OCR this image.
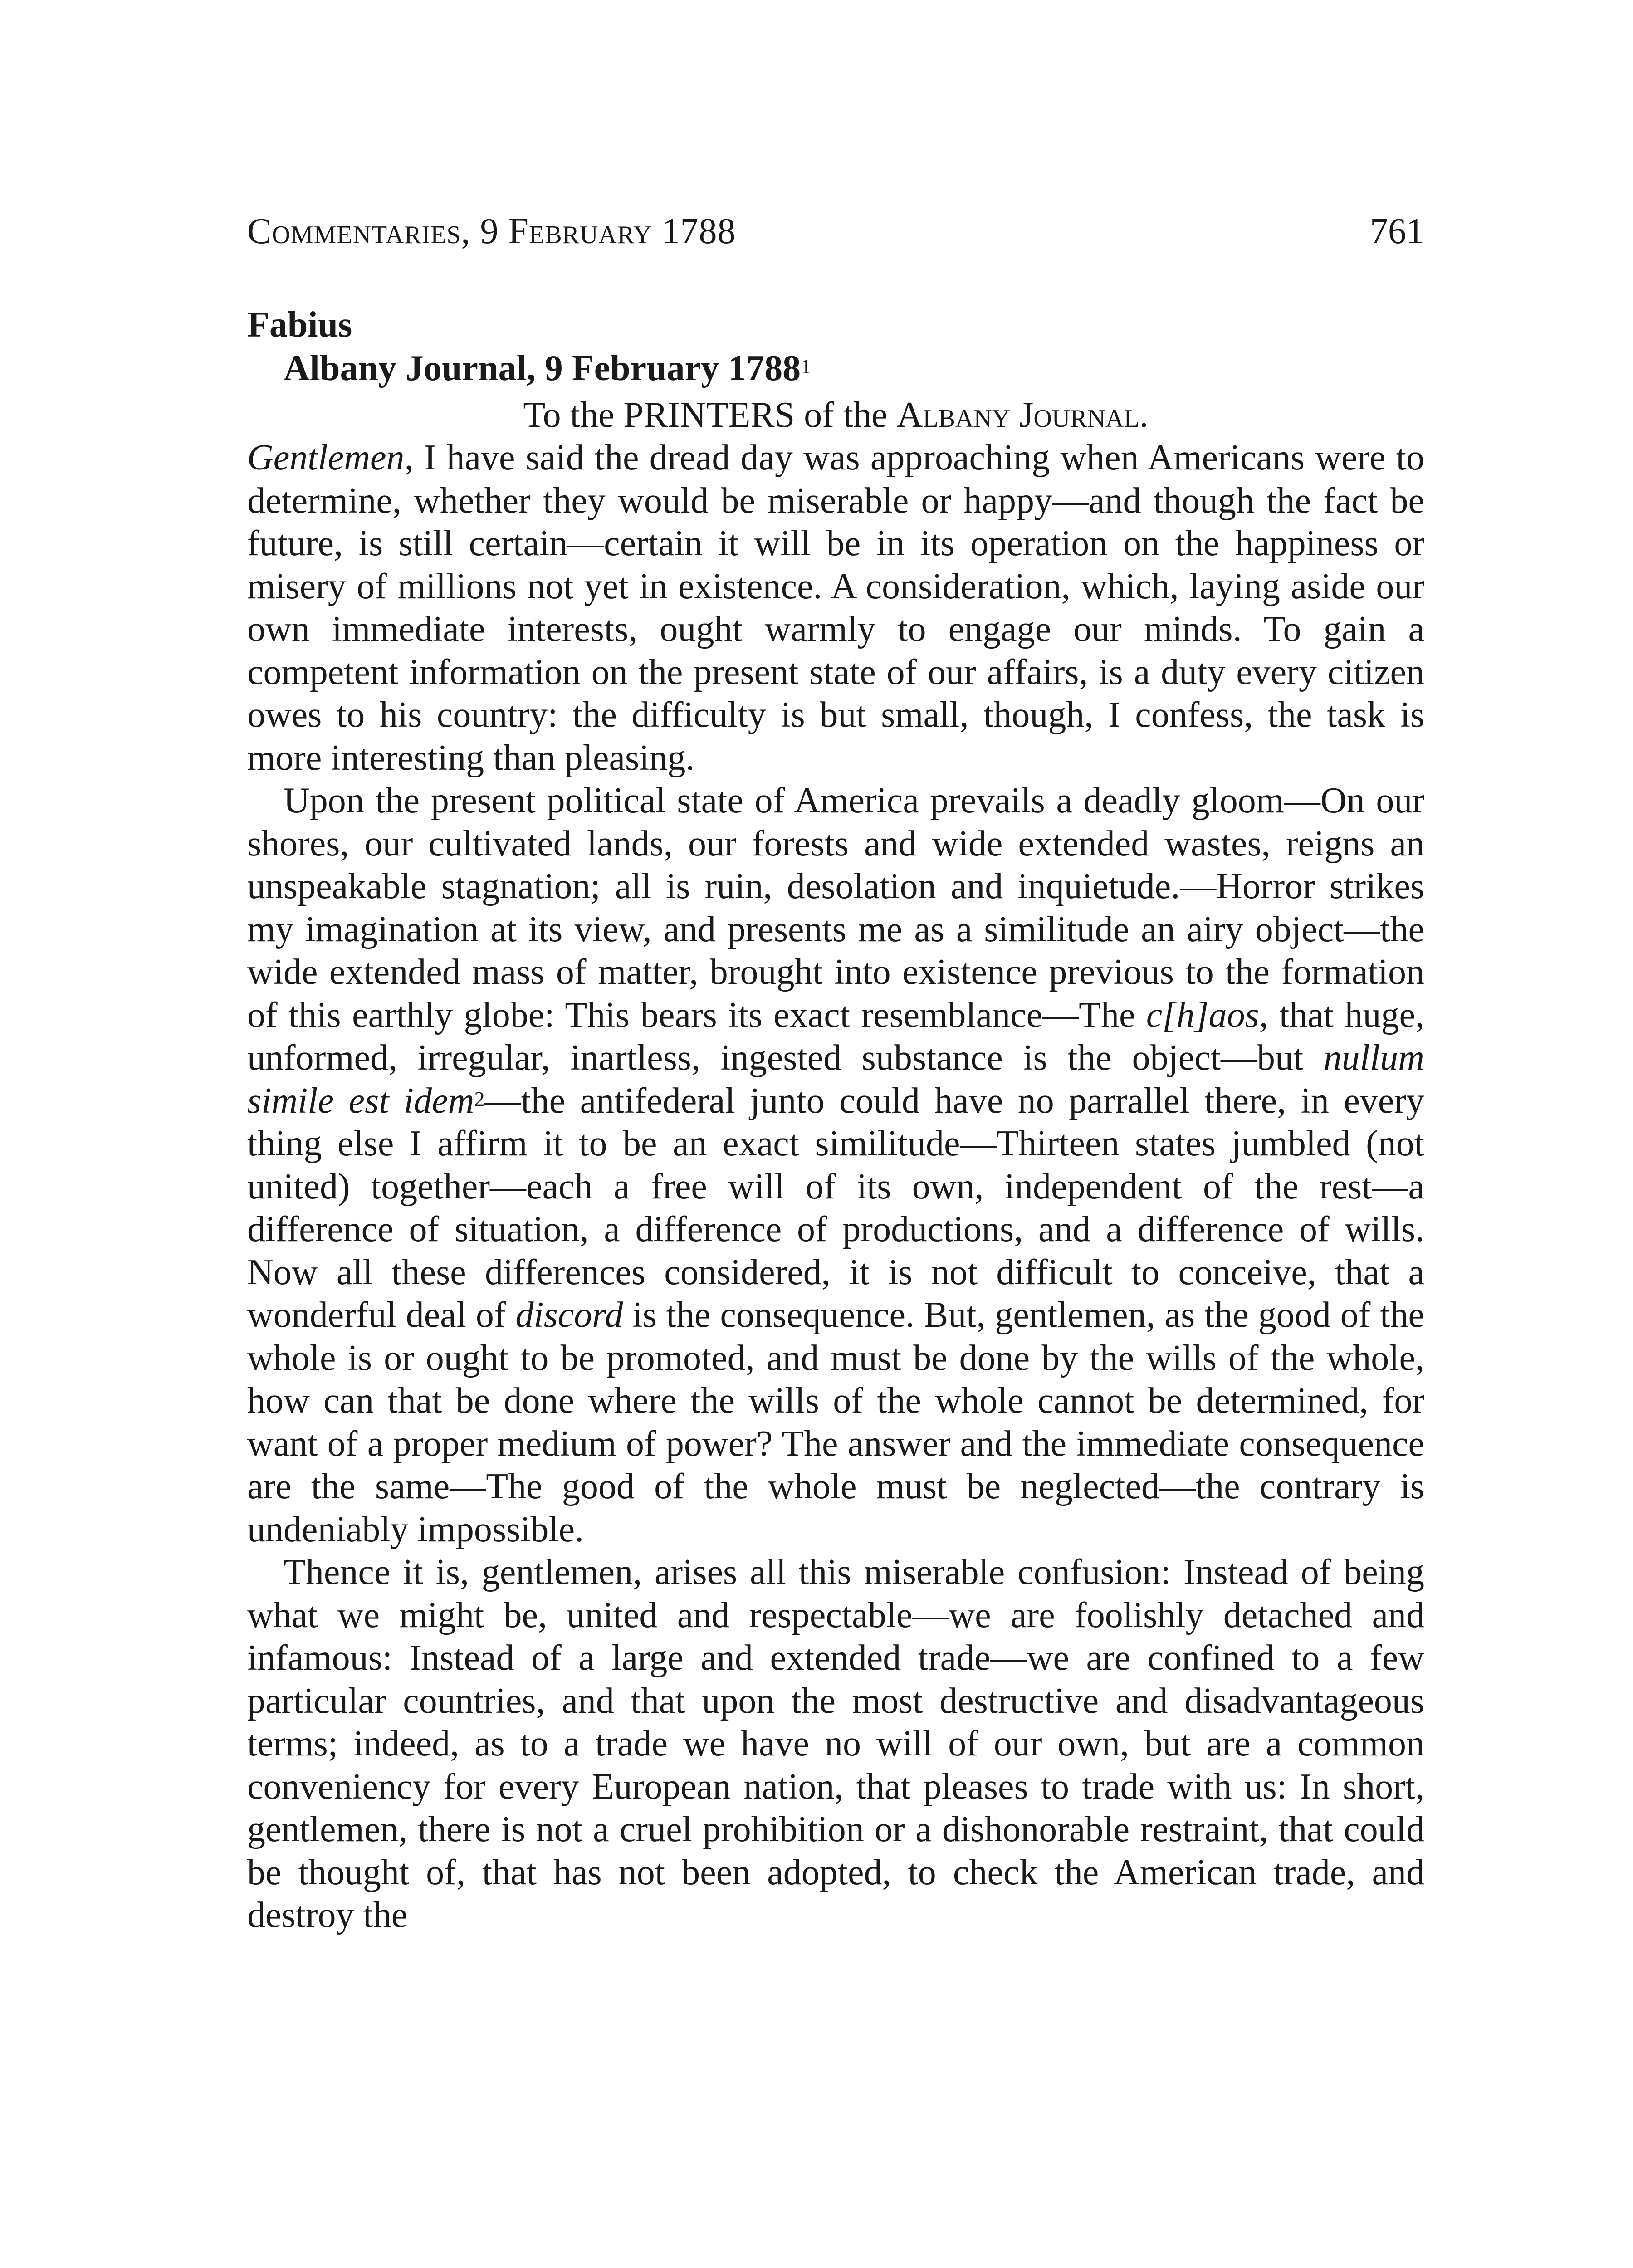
Commentaries, 9 February 1788	761
Fabius
Albany Journal, 9 February 1788$^1$
To the PRINTERS of the Albany Journal.

Gentlemen, I have said the dread day was approaching when Americans were to determine, whether they would be miserable or happy—and though the fact be future, is still certain—certain it will be in its operation on the happiness or misery of millions not yet in existence. A consideration, which, laying aside our own immediate interests, ought warmly to engage our minds. To gain a competent information on the present state of our affairs, is a duty every citizen owes to his country: the difficulty is but small, though, I confess, the task is more interesting than pleasing.

Upon the present political state of America prevails a deadly gloom—On our shores, our cultivated lands, our forests and wide extended wastes, reigns an unspeakable stagnation; all is ruin, desolation and inquietude.—Horror strikes my imagination at its view, and presents me as a similitude an airy object—the wide extended mass of matter, brought into existence previous to the formation of this earthly globe: This bears its exact resemblance—The c[h]aos, that huge, unformed, irregular, inartless, ingested substance is the object—but nullum simile est idem$^2$—the antifederal junto could have no parrallel there, in every thing else I affirm it to be an exact similitude—Thirteen states jumbled (not united) together—each a free will of its own, independent of the rest—a difference of situation, a difference of productions, and a difference of wills. Now all these differences considered, it is not difficult to conceive, that a wonderful deal of discord is the consequence. But, gentlemen, as the good of the whole is or ought to be promoted, and must be done by the wills of the whole, how can that be done where the wills of the whole cannot be determined, for want of a proper medium of power? The answer and the immediate consequence are the same—The good of the whole must be neglected—the contrary is undeniably impossible.

Thence it is, gentlemen, arises all this miserable confusion: Instead of being what we might be, united and respectable—we are foolishly detached and infamous: Instead of a large and extended trade—we are confined to a few particular countries, and that upon the most destructive and disadvantageous terms; indeed, as to a trade we have no will of our own, but are a common conveniency for every European nation, that pleases to trade with us: In short, gentlemen, there is not a cruel prohibition or a dishonorable restraint, that could be thought of, that has not been adopted, to check the American trade, and destroy the
